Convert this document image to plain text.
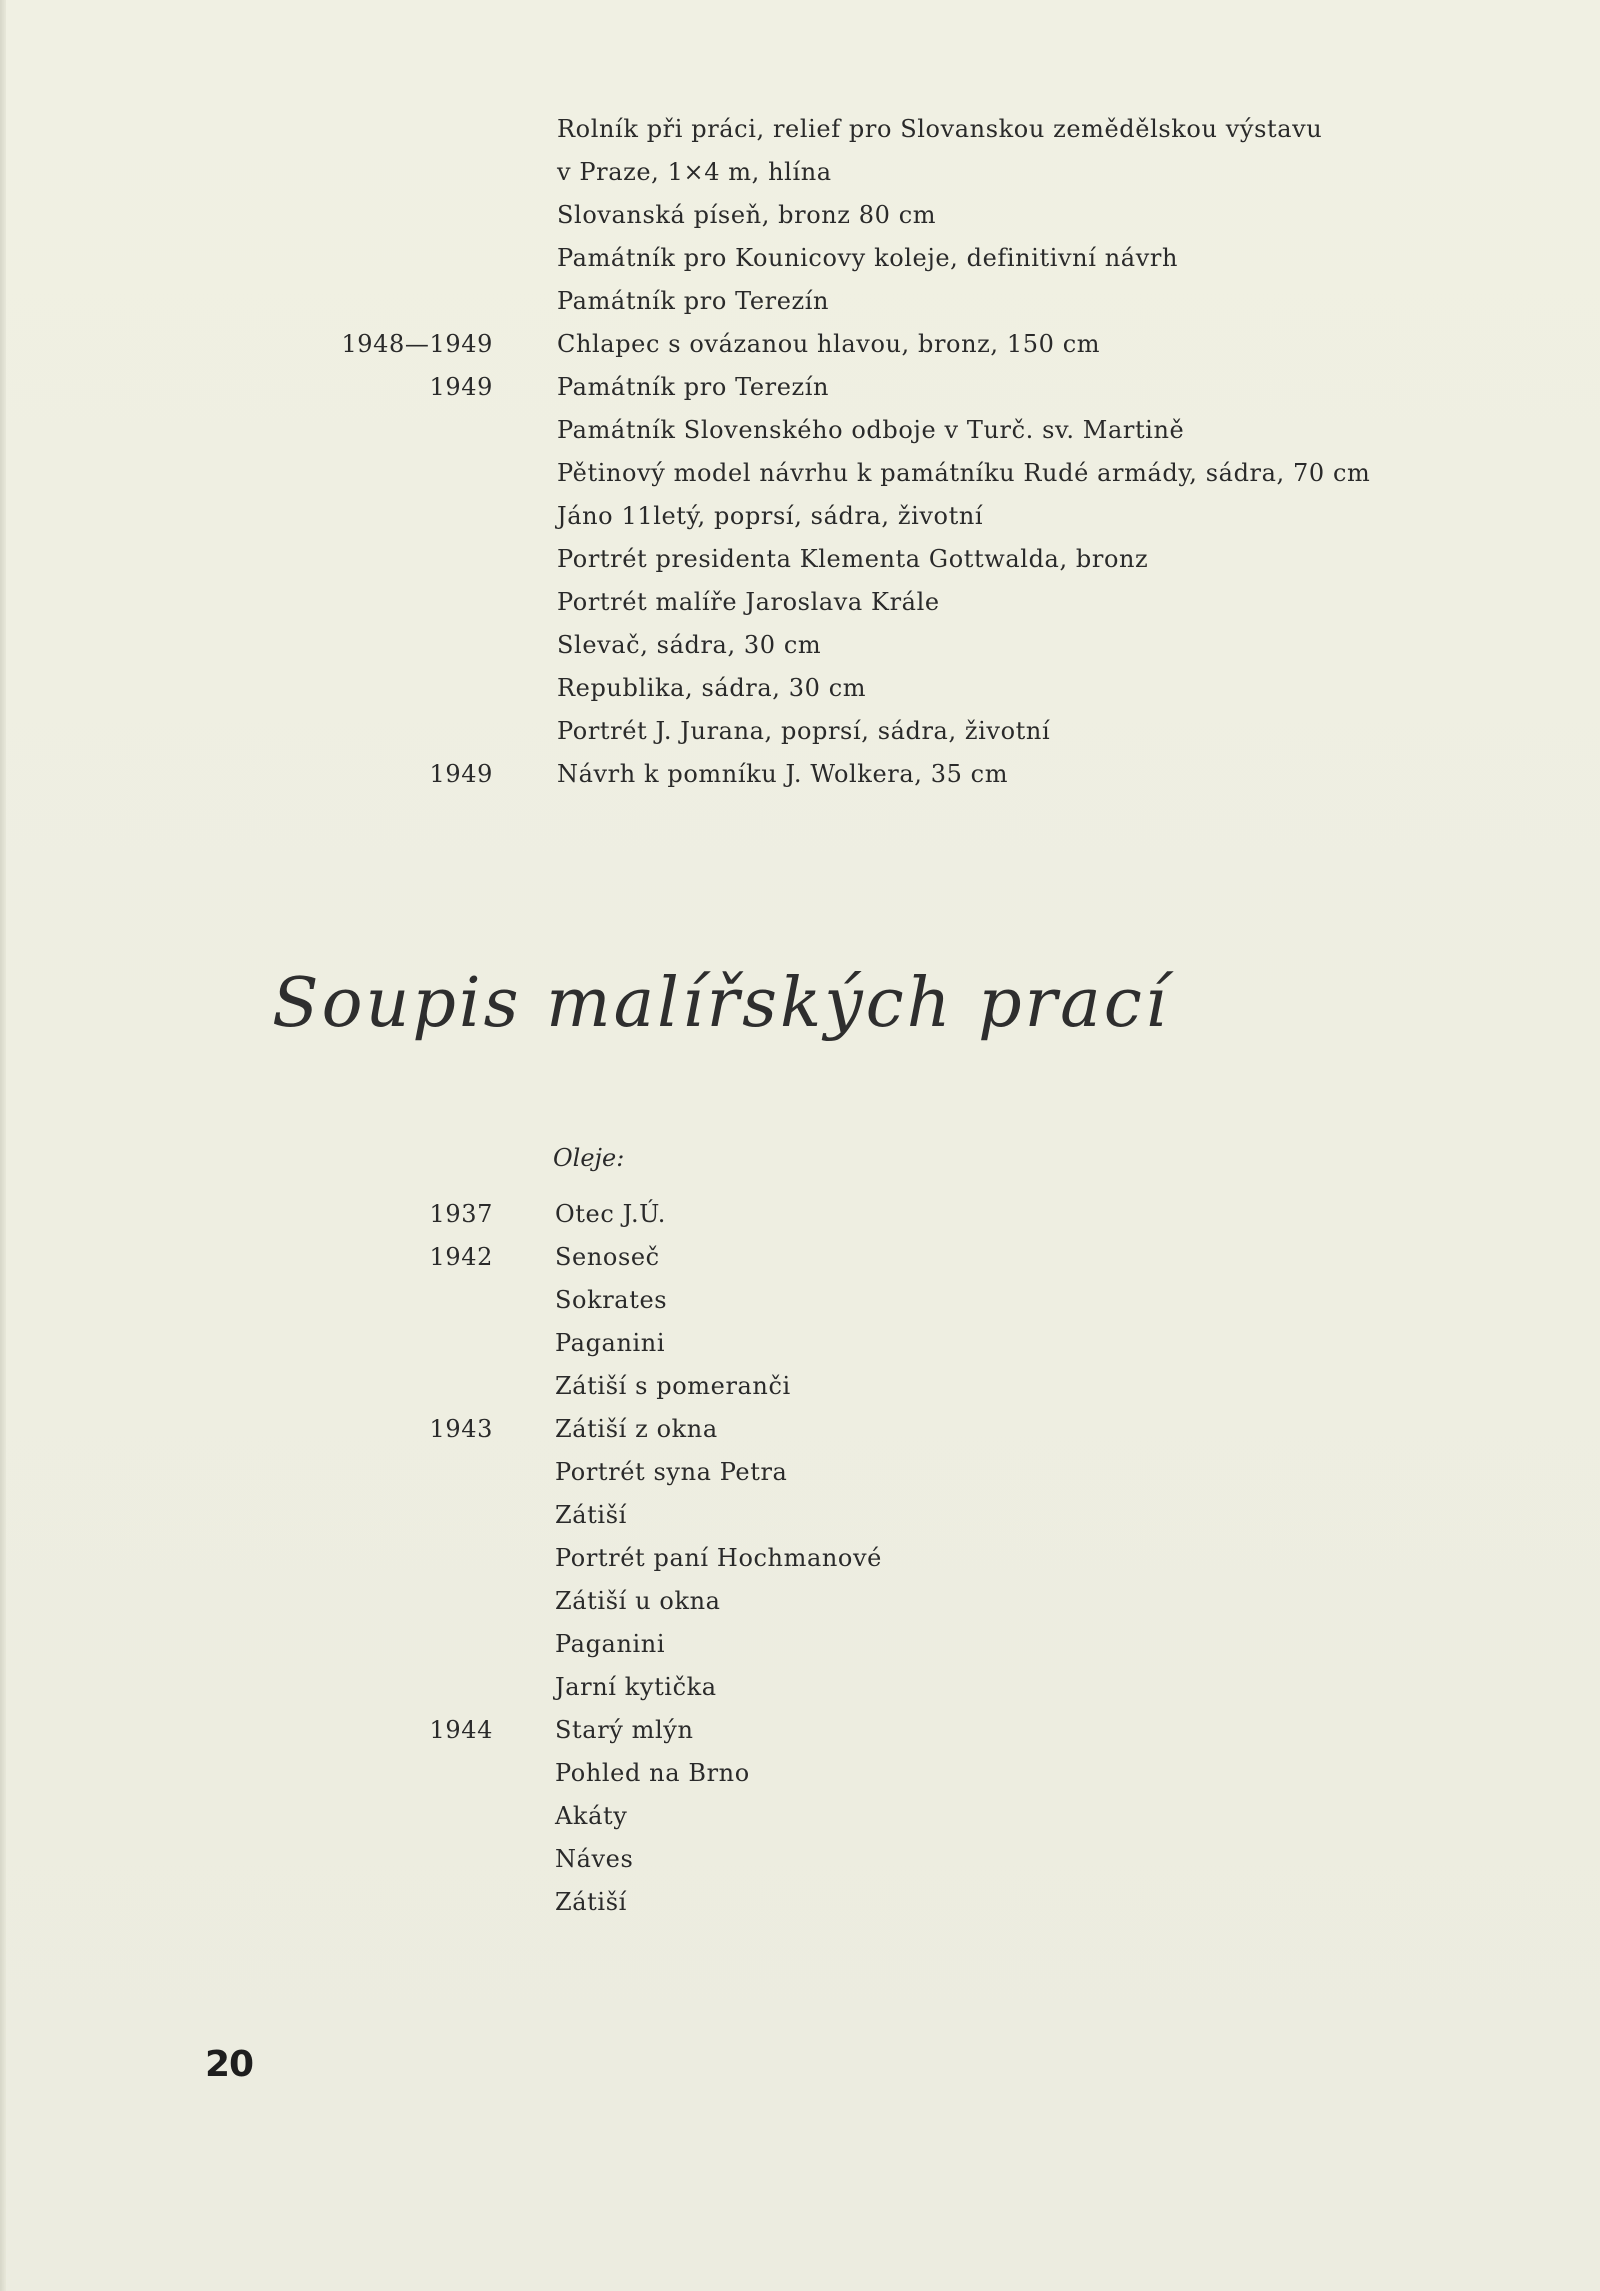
Rolník při práci, relief pro Slovanskou zemědělskou výstavu
v Praze, 1×4 m, hlína
Slovanská píseň, bronz 80 cm
Památník pro Kounicovy koleje, definitivní návrh
Památník pro Terezín
1948—1949	Chlapec s ovázanou hlavou, bronz, 150 cm
1949	Památník pro Terezín
Památník Slovenského odboje v Turč. sv. Martině
Pětinový model návrhu k památníku Rudé armády, sádra, 70 cm
Jáno 11letý, poprsí, sádra, životní
Portrét presidenta Klementa Gottwalda, bronz
Portrét malíře Jaroslava Krále
Slevač, sádra, 30 cm
Republika, sádra, 30 cm
Portrét J. Jurana, poprsí, sádra, životní
1949	Návrh k pomníku J. Wolkera, 35 cm
Soupis malířských prací
Oleje:
1937	Otec J.Ú.
1942	Senoseč
Sokrates
Paganini
Zátiší s pomeranči
1943	Zátiší z okna
Portrét syna Petra
Zátiší
Portrét paní Hochmanové
Zátiší u okna
Paganini
Jarní kytička
1944	Starý mlýn
Pohled na Brno
Akáty
Náves
Zátiší
20
